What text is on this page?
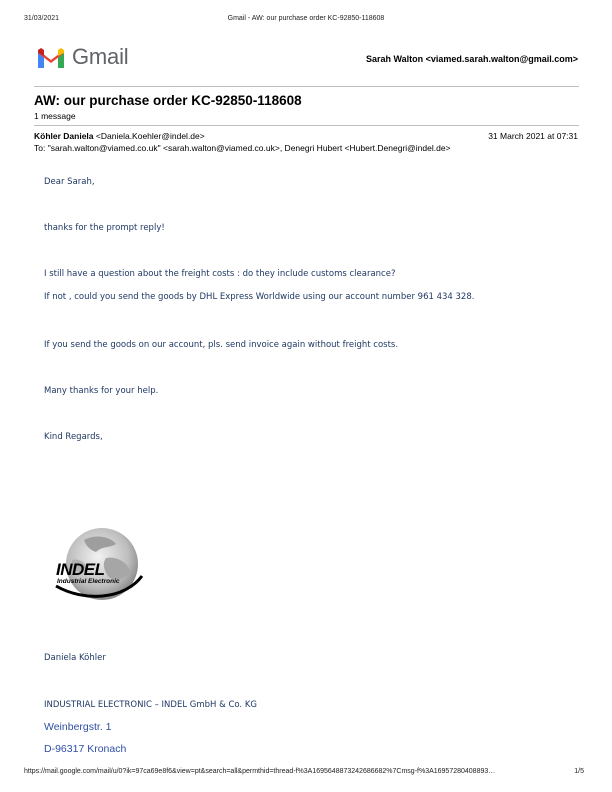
31/03/2021	Gmail - AW: our purchase order KC-92850-118608
Gmail	Sarah Walton <viamed.sarah.walton@gmail.com>
AW: our purchase order KC-92850-118608
1 message
Köhler Daniela <Daniela.Koehler@indel.de>	31 March 2021 at 07:31
To: "sarah.walton@viamed.co.uk" <sarah.walton@viamed.co.uk>, Denegri Hubert <Hubert.Denegri@indel.de>
Dear Sarah,
thanks for the prompt reply!
I still have a question about the freight costs : do they include customs clearance?
If not , could you send the goods by DHL Express Worldwide using our account number 961 434 328.
If you send the goods on our account, pls. send invoice again without freight costs.
Many thanks for your help.
Kind Regards,
INDEL
Industrial Electronic
Daniela Köhler
INDUSTRIAL ELECTRONIC – INDEL GmbH & Co. KG
Weinbergstr. 1
D-96317 Kronach
https://mail.google.com/mail/u/0?ik=97ca69e8f6&view=pt&search=all&permthid=thread-f%3A1695648873242686682%7Cmsg-f%3A16957280408893…	1/5
